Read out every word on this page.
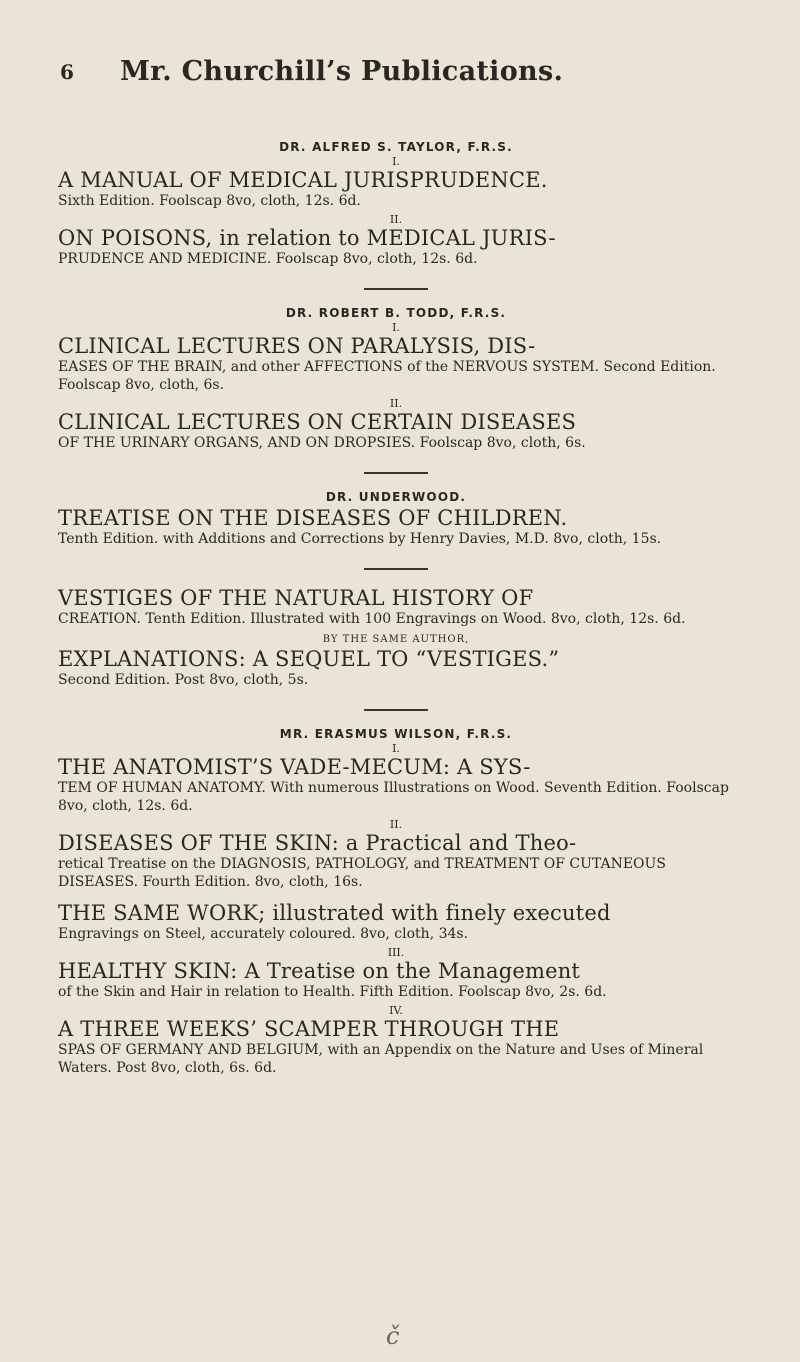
6 Mr. Churchill’s Publications.

DR. ALFRED S. TAYLOR, F.R.S.

I.

A MANUAL OF MEDICAL JURISPRUDENCE.

Sixth Edition. Foolscap 8vo, cloth, 12s. 6d.

II.

ON POISONS, in relation to MEDICAL JURIS-

PRUDENCE AND MEDICINE. Foolscap 8vo, cloth, 12s. 6d.

DR. ROBERT B. TODD, F.R.S.

I.

CLINICAL LECTURES ON PARALYSIS, DIS-

EASES OF THE BRAIN, and other AFFECTIONS of the NERVOUS SYSTEM. Second Edition. Foolscap 8vo, cloth, 6s.

II.

CLINICAL LECTURES ON CERTAIN DISEASES

OF THE URINARY ORGANS, AND ON DROPSIES. Foolscap 8vo, cloth, 6s.

DR. UNDERWOOD.

TREATISE ON THE DISEASES OF CHILDREN.

Tenth Edition. with Additions and Corrections by Henry Davies, M.D. 8vo, cloth, 15s.

VESTIGES OF THE NATURAL HISTORY OF

CREATION. Tenth Edition. Illustrated with 100 Engravings on Wood. 8vo, cloth, 12s. 6d.

BY THE SAME AUTHOR,

EXPLANATIONS: A SEQUEL TO “VESTIGES.”

Second Edition. Post 8vo, cloth, 5s.

MR. ERASMUS WILSON, F.R.S.

I.

THE ANATOMIST’S VADE-MECUM: A SYS-

TEM OF HUMAN ANATOMY. With numerous Illustrations on Wood. Seventh Edition. Foolscap 8vo, cloth, 12s. 6d.

II.

DISEASES OF THE SKIN: a Practical and Theo-

retical Treatise on the DIAGNOSIS, PATHOLOGY, and TREATMENT OF CUTANEOUS DISEASES. Fourth Edition. 8vo, cloth, 16s.

THE SAME WORK; illustrated with finely executed

Engravings on Steel, accurately coloured. 8vo, cloth, 34s.

III.

HEALTHY SKIN: A Treatise on the Management

of the Skin and Hair in relation to Health. Fifth Edition. Foolscap 8vo, 2s. 6d.

IV.

A THREE WEEKS’ SCAMPER THROUGH THE

SPAS OF GERMANY AND BELGIUM, with an Appendix on the Nature and Uses of Mineral Waters. Post 8vo, cloth, 6s. 6d.

č
